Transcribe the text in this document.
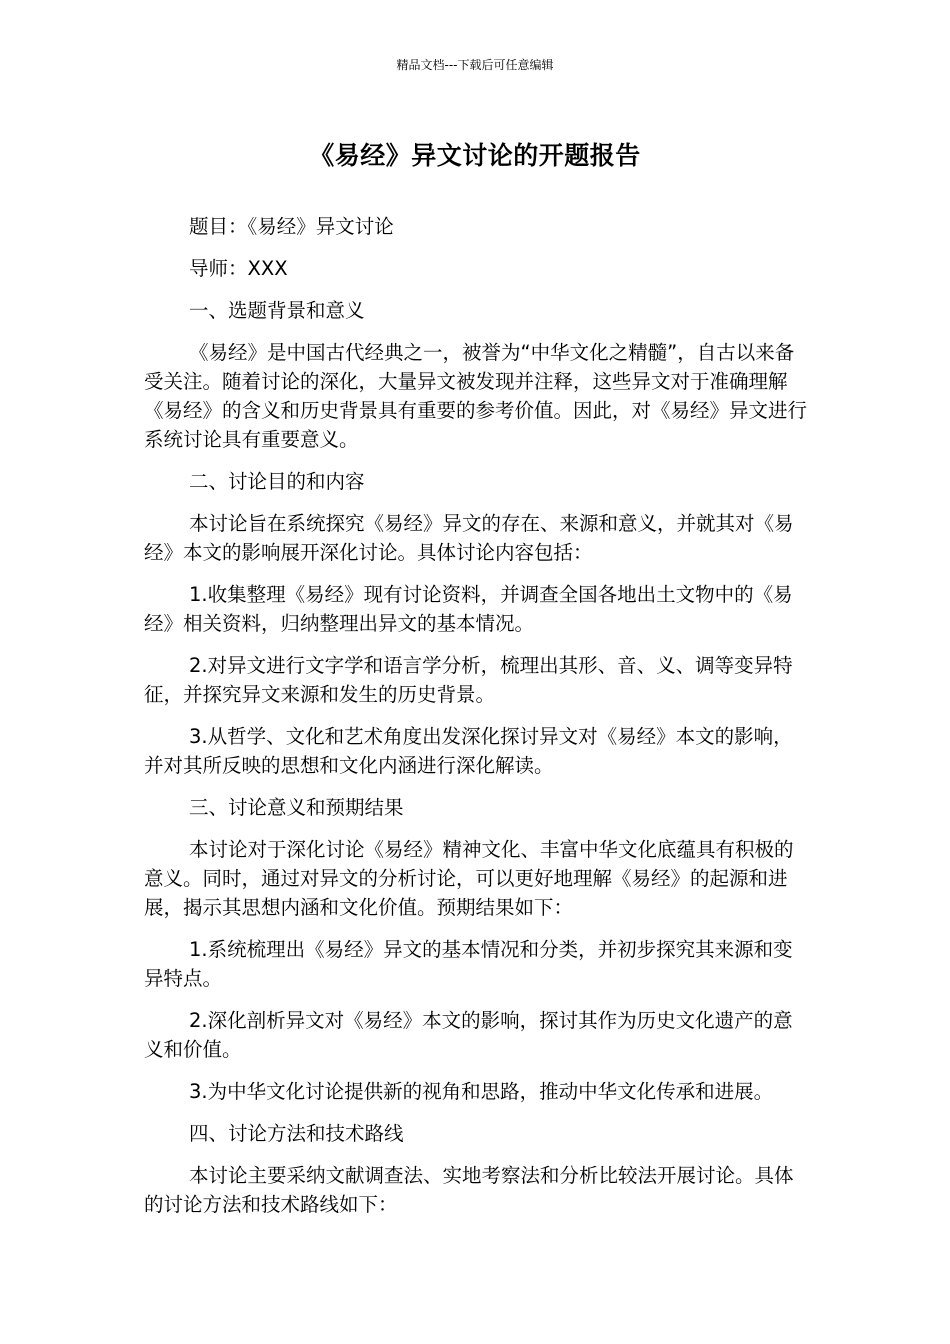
精品文档---下载后可任意编辑
《易经》异文讨论的开题报告

题目：《易经》异文讨论

导师：XXX

一、选题背景和意义

《易经》是中国古代经典之一，被誉为“中华文化之精髓”，自古以来备受关注。随着讨论的深化，大量异文被发现并注释，这些异文对于准确理解《易经》的含义和历史背景具有重要的参考价值。因此，对《易经》异文进行系统讨论具有重要意义。

二、讨论目的和内容

本讨论旨在系统探究《易经》异文的存在、来源和意义，并就其对《易经》本文的影响展开深化讨论。具体讨论内容包括：

1.收集整理《易经》现有讨论资料，并调查全国各地出土文物中的《易经》相关资料，归纳整理出异文的基本情况。

2.对异文进行文字学和语言学分析，梳理出其形、音、义、调等变异特征，并探究异文来源和发生的历史背景。

3.从哲学、文化和艺术角度出发深化探讨异文对《易经》本文的影响，并对其所反映的思想和文化内涵进行深化解读。

三、讨论意义和预期结果

本讨论对于深化讨论《易经》精神文化、丰富中华文化底蕴具有积极的意义。同时，通过对异文的分析讨论，可以更好地理解《易经》的起源和进展，揭示其思想内涵和文化价值。预期结果如下：

1.系统梳理出《易经》异文的基本情况和分类，并初步探究其来源和变异特点。

2.深化剖析异文对《易经》本文的影响，探讨其作为历史文化遗产的意义和价值。

3.为中华文化讨论提供新的视角和思路，推动中华文化传承和进展。

四、讨论方法和技术路线

本讨论主要采纳文献调查法、实地考察法和分析比较法开展讨论。具体的讨论方法和技术路线如下：
